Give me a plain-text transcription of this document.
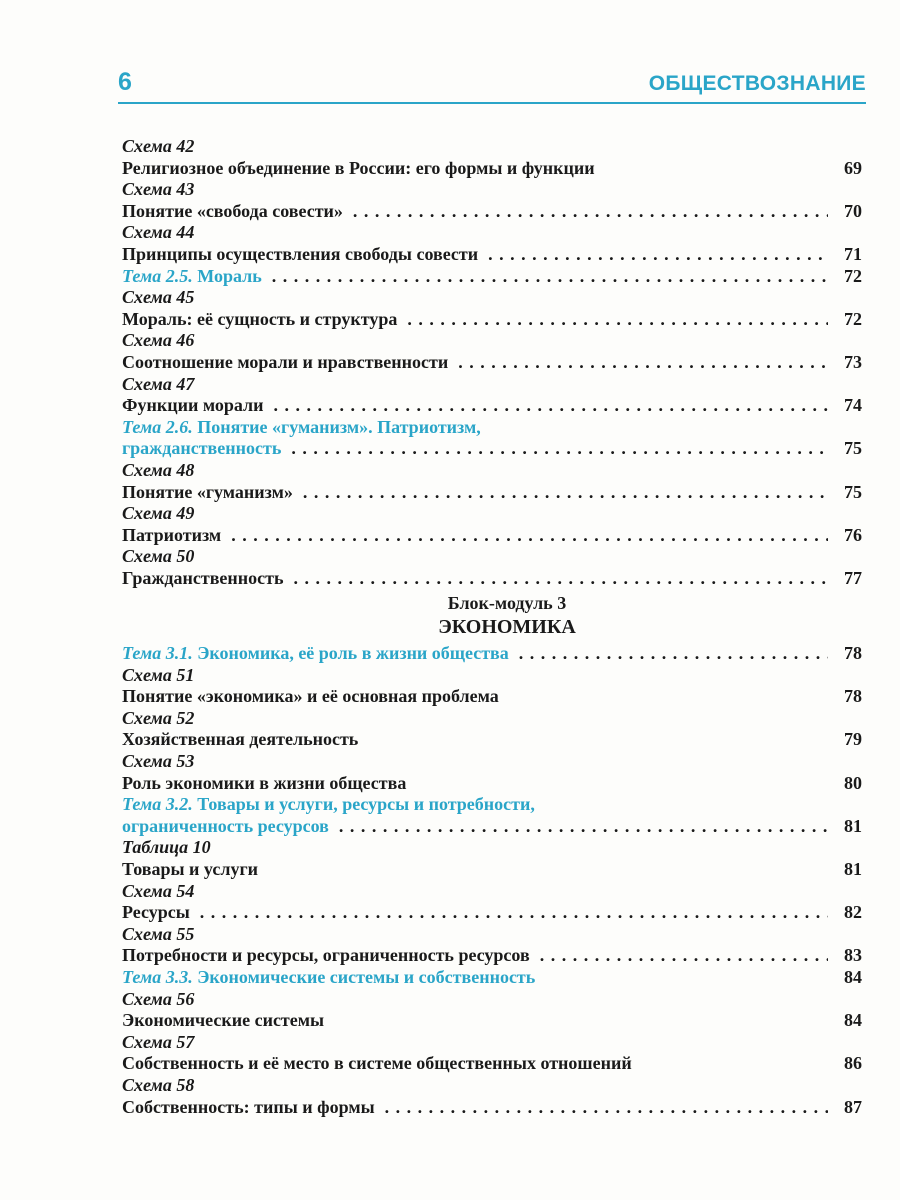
6	ОБЩЕСТВОЗНАНИЕ
Схема 42
Религиозное объединение в России: его формы и функции	69
Схема 43
Понятие «свобода совести» . . .	70
Схема 44
Принципы осуществления свободы совести . . .	71
Тема 2.5. Мораль . . .	72
Схема 45
Мораль: её сущность и структура . . .	72
Схема 46
Соотношение морали и нравственности . . .	73
Схема 47
Функции морали . . .	74
Тема 2.6. Понятие «гуманизм». Патриотизм,
гражданственность . . .	75
Схема 48
Понятие «гуманизм» . . .	75
Схема 49
Патриотизм . . .	76
Схема 50
Гражданственность . . .	77
Блок-модуль 3
ЭКОНОМИКА
Тема 3.1. Экономика, её роль в жизни общества . . .	78
Схема 51
Понятие «экономика» и её основная проблема	78
Схема 52
Хозяйственная деятельность	79
Схема 53
Роль экономики в жизни общества	80
Тема 3.2. Товары и услуги, ресурсы и потребности,
ограниченность ресурсов . . .	81
Таблица 10
Товары и услуги	81
Схема 54
Ресурсы . . .	82
Схема 55
Потребности и ресурсы, ограниченность ресурсов . . .	83
Тема 3.3. Экономические системы и собственность	84
Схема 56
Экономические системы	84
Схема 57
Собственность и её место в системе общественных отношений	86
Схема 58
Собственность: типы и формы . . .	87
